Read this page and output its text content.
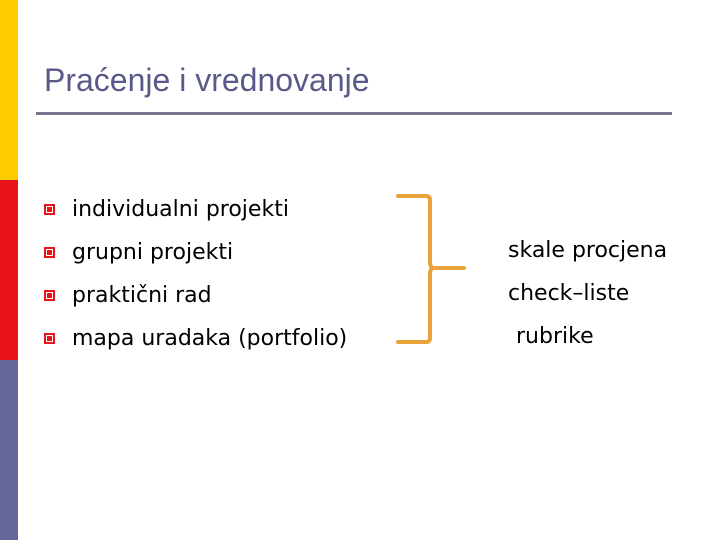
Praćenje i vrednovanje
individualni projekti
grupni projekti
praktični rad
mapa uradaka (portfolio)
skale procjena
check–liste
rubrike
